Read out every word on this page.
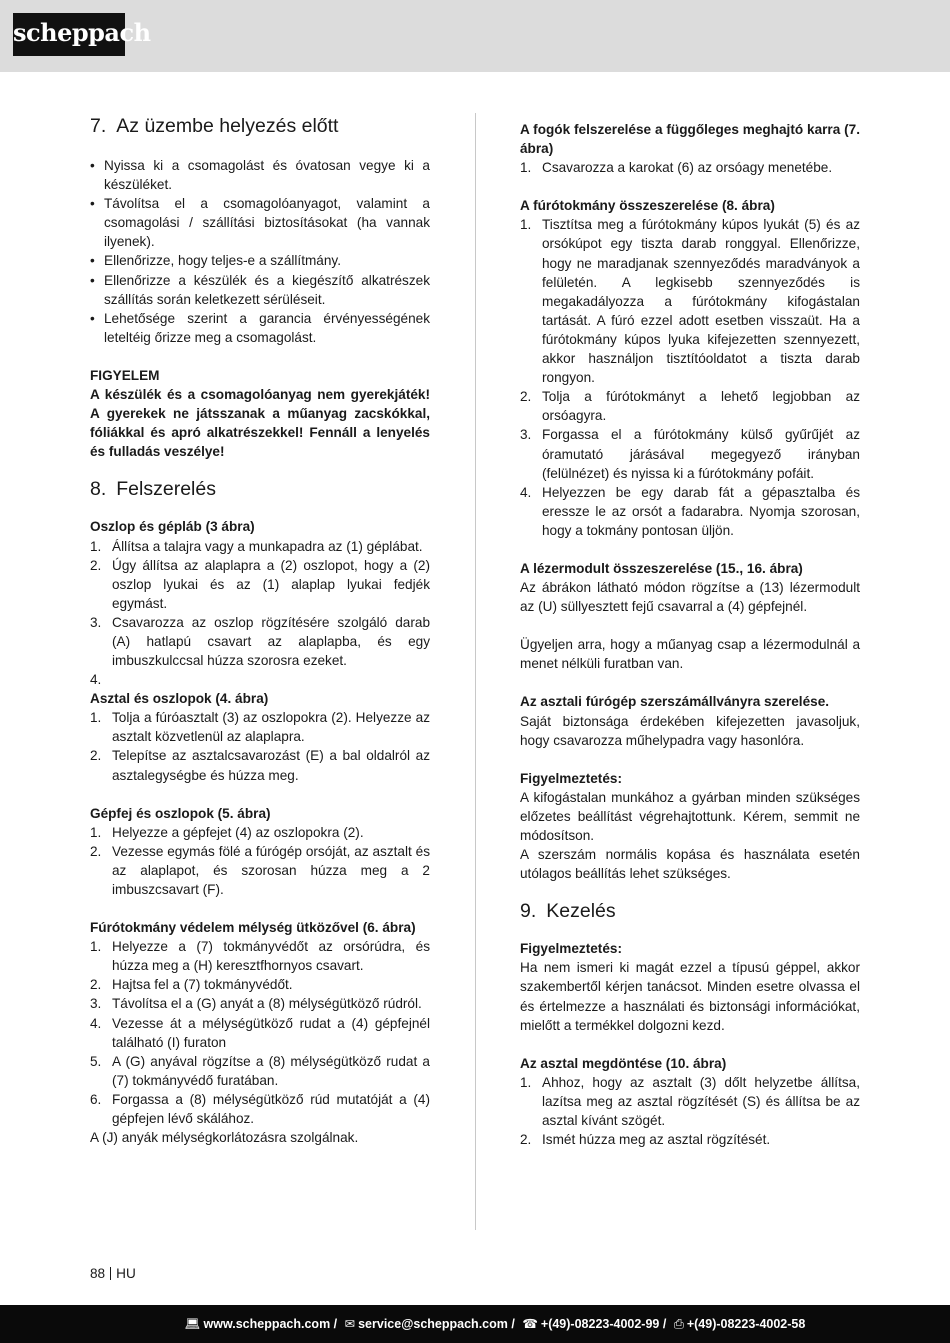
scheppach
7. Az üzembe helyezés előtt
• Nyissa ki a csomagolást és óvatosan vegye ki a készüléket.
• Távolítsa el a csomagolóanyagot, valamint a csomagolási / szállítási biztosításokat (ha vannak ilyenek).
• Ellenőrizze, hogy teljes-e a szállítmány.
• Ellenőrizze a készülék és a kiegészítő alkatrészek szállítás során keletkezett sérüléseit.
• Lehetősége szerint a garancia érvényességének leteltéig őrizze meg a csomagolást.

FIGYELEM

A készülék és a csomagolóanyag nem gyerekjáték! A gyerekek ne játsszanak a műanyag zacskókkal, fóliákkal és apró alkatrészekkel! Fennáll a lenyelés és fulladás veszélye!

8. Felszerelés

Oszlop és gépláb (3 ábra)

1. Állítsa a talajra vagy a munkapadra az (1) géplábat.
2. Úgy állítsa az alaplapra a (2) oszlopot, hogy a (2) oszlop lyukai és az (1) alaplap lyukai fedjék egymást.
3. Csavarozza az oszlop rögzítésére szolgáló darab (A) hatlapú csavart az alaplapba, és egy imbuszkulccsal húzza szorosra ezeket.
4.

Asztal és oszlopok (4. ábra)

1. Tolja a fúróasztalt (3) az oszlopokra (2). Helyezze az asztalt közvetlenül az alaplapra.
2. Telepítse az asztalcsavarozást (E) a bal oldalról az asztalegységbe és húzza meg.

Gépfej és oszlopok (5. ábra)

1. Helyezze a gépfejet (4) az oszlopokra (2).
2. Vezesse egymás fölé a fúrógép orsóját, az asztalt és az alaplapot, és szorosan húzza meg a 2 imbuszcsavart (F).

Fúrótokmány védelem mélység ütközővel (6. ábra)

1. Helyezze a (7) tokmányvédőt az orsórúdra, és húzza meg a (H) keresztfhornyos csavart.
2. Hajtsa fel a (7) tokmányvédőt.
3. Távolítsa el a (G) anyát a (8) mélységütköző rúdról.
4. Vezesse át a mélységütköző rudat a (4) gépfejnél található (I) furaton
5. A (G) anyával rögzítse a (8) mélységütköző rudat a (7) tokmányvédő furatában.
6. Forgassa a (8) mélységütköző rúd mutatóját a (4) gépfejen lévő skálához.

A (J) anyák mélységkorlátozásra szolgálnak.

A fogók felszerelése a függőleges meghajtó karra (7. ábra)

1. Csavarozza a karokat (6) az orsóagy menetébe.

A fúrótokmány összeszerelése (8. ábra)

1. Tisztítsa meg a fúrótokmány kúpos lyukát (5) és az orsókúpot egy tiszta darab ronggyal. Ellenőrizze, hogy ne maradjanak szennyeződés maradványok a felületén. A legkisebb szennyeződés is megakadályozza a fúrótokmány kifogástalan tartását. A fúró ezzel adott esetben visszaüt. Ha a fúrótokmány kúpos lyuka kifejezetten szennyezett, akkor használjon tisztítóoldatot a tiszta darab rongyon.
2. Tolja a fúrótokmányt a lehető legjobban az orsóagyra.
3. Forgassa el a fúrótokmány külső gyűrűjét az óramutató járásával megegyező irányban (felülnézet) és nyissa ki a fúrótokmány pofáit.
4. Helyezzen be egy darab fát a gépasztalba és eressze le az orsót a fadarabra. Nyomja szorosan, hogy a tokmány pontosan üljön.

A lézermodult összeszerelése (15., 16. ábra)

Az ábrákon látható módon rögzítse a (13) lézermodult az (U) süllyesztett fejű csavarral a (4) gépfejnél.

Ügyeljen arra, hogy a műanyag csap a lézermodulnál a menet nélküli furatban van.

Az asztali fúrógép szerszámállványra szerelése.

Saját biztonsága érdekében kifejezetten javasoljuk, hogy csavarozza műhelypadra vagy hasonlóra.

Figyelmeztetés:

A kifogástalan munkához a gyárban minden szükséges előzetes beállítást végrehajtottunk. Kérem, semmit ne módosítson.

A szerszám normális kopása és használata esetén utólagos beállítás lehet szükséges.

9. Kezelés

Figyelmeztetés:

Ha nem ismeri ki magát ezzel a típusú géppel, akkor szakembertől kérjen tanácsot. Minden esetre olvassa el és értelmezze a használati és biztonsági információkat, mielőtt a termékkel dolgozni kezd.

Az asztal megdöntése (10. ábra)

1. Ahhoz, hogy az asztalt (3) dőlt helyzetbe állítsa, lazítsa meg az asztal rögzítését (S) és állítsa be az asztal kívánt szögét.
2. Ismét húzza meg az asztal rögzítését.
88 HU
💻︎ www.scheppach.com / ✉︎ service@scheppach.com / ☎︎ +(49)-08223-4002-99 / ⎙ +(49)-08223-4002-58
